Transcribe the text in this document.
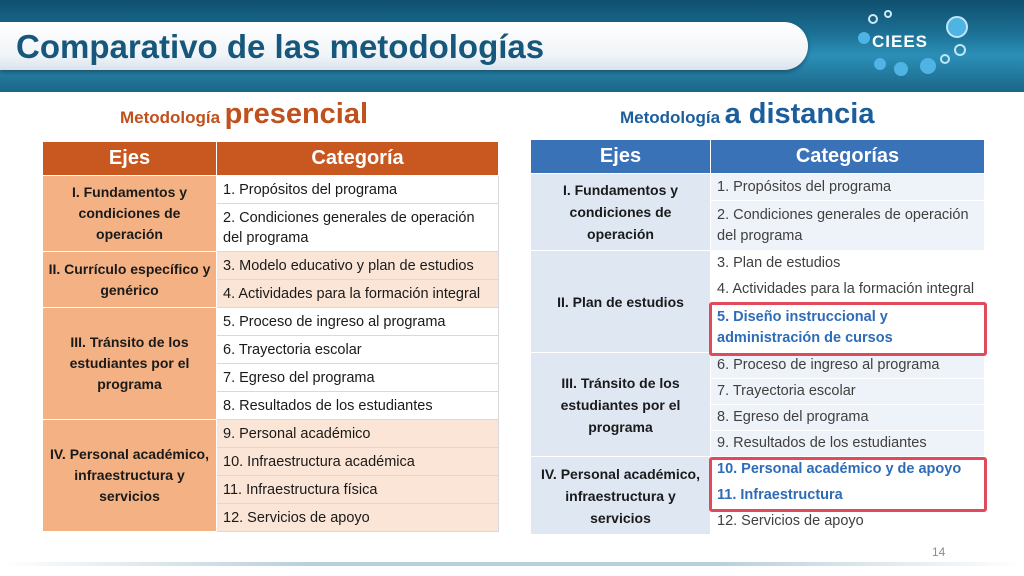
Comparativo de las metodologías	CIEES
Metodología presencial	Metodología a distancia
Ejes	Categoría
I. Fundamentos y condiciones de operación	1. Propósitos del programa
	2. Condiciones generales de operación del programa
II. Currículo específico y genérico	3. Modelo educativo y plan de estudios
	4. Actividades para la formación integral
III. Tránsito de los estudiantes por el programa	5. Proceso de ingreso al programa
	6. Trayectoria escolar
	7. Egreso del programa
	8. Resultados de los estudiantes
IV. Personal académico, infraestructura y servicios	9. Personal académico
	10. Infraestructura académica
	11. Infraestructura física
	12. Servicios de apoyo
Ejes	Categorías
I. Fundamentos y condiciones de operación	1. Propósitos del programa
	2. Condiciones generales de operación del programa
II. Plan de estudios	3. Plan de estudios
	4. Actividades para la formación integral
	5. Diseño instruccional y administración de cursos
III. Tránsito de los estudiantes por el programa	6. Proceso de ingreso al programa
	7. Trayectoria escolar
	8. Egreso del programa
	9. Resultados de los estudiantes
IV. Personal académico, infraestructura y servicios	10. Personal académico y de apoyo
	11. Infraestructura
	12. Servicios de apoyo
14
